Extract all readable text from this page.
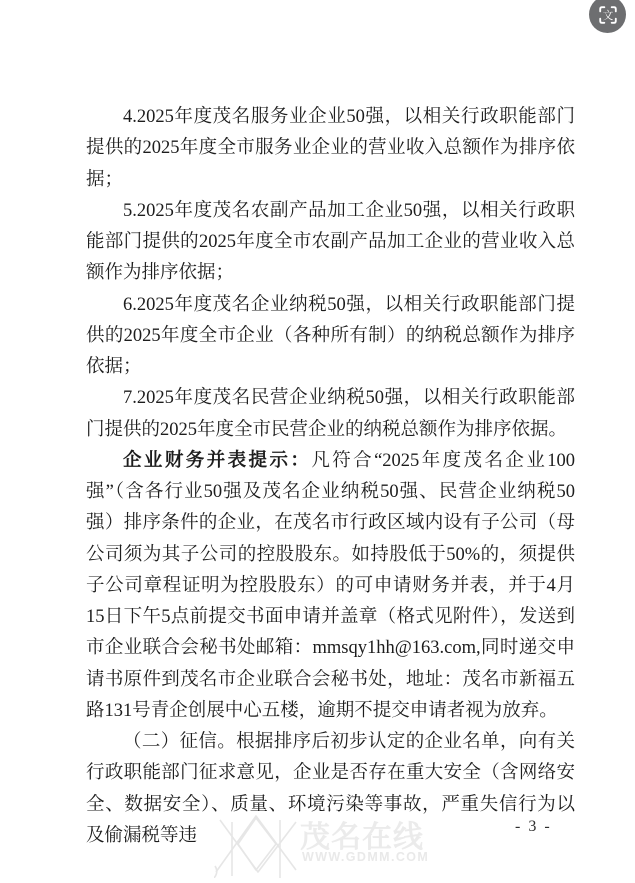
文

4.2025年度茂名服务业企业50强，以相关行政职能部门提供的2025年度全市服务业企业的营业收入总额作为排序依据；

5.2025年度茂名农副产品加工企业50强，以相关行政职能部门提供的2025年度全市农副产品加工企业的营业收入总额作为排序依据；

6.2025年度茂名企业纳税50强，以相关行政职能部门提供的2025年度全市企业（各种所有制）的纳税总额作为排序依据；

7.2025年度茂名民营企业纳税50强，以相关行政职能部门提供的2025年度全市民营企业的纳税总额作为排序依据。

企业财务并表提示：凡符合“2025年度茂名企业100强”（含各行业50强及茂名企业纳税50强、民营企业纳税50强）排序条件的企业，在茂名市行政区域内设有子公司（母公司须为其子公司的控股股东。如持股低于50%的，须提供子公司章程证明为控股股东）的可申请财务并表，并于4月15日下午5点前提交书面申请并盖章（格式见附件），发送到市企业联合会秘书处邮箱：mmsqy1hh@163.com,同时递交申请书原件到茂名市企业联合会秘书处，地址：茂名市新福五路131号青企创展中心五楼，逾期不提交申请者视为放弃。

（二）征信。根据排序后初步认定的企业名单，向有关行政职能部门征求意见，企业是否存在重大安全（含网络安全、数据安全）、质量、环境污染等事故，严重失信行为以及偷漏税等违	茂名在线
WWW.GDMM.COM
- 3 -
